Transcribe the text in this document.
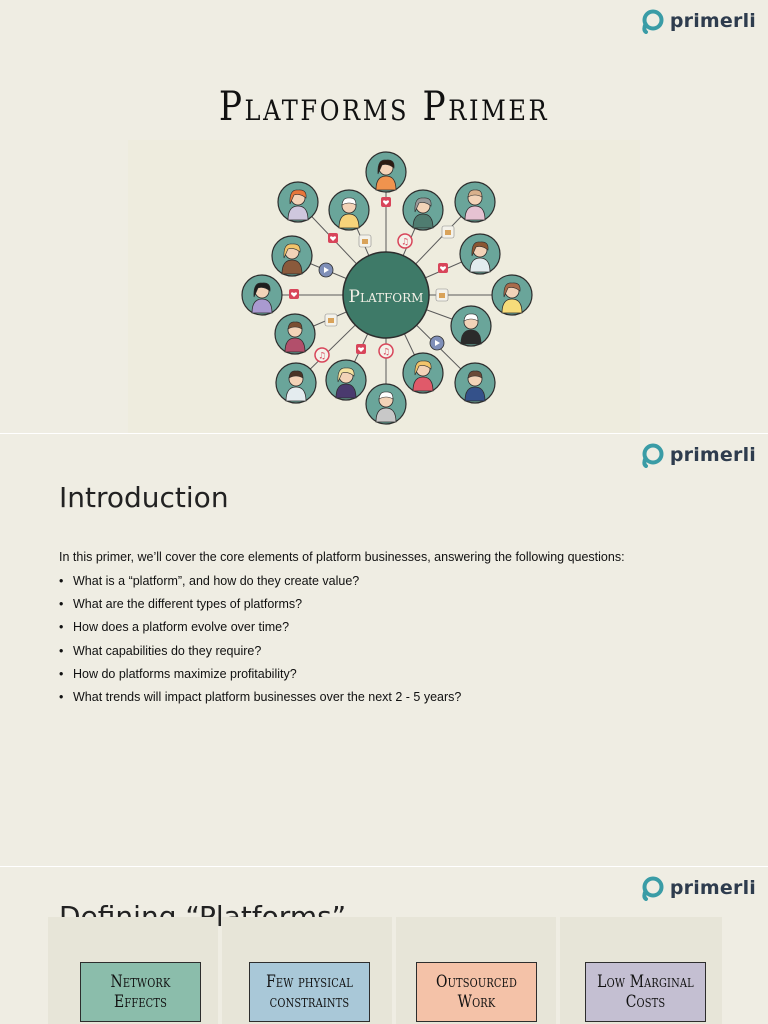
primerli
Platforms Primer
♫
♫
♫
Platform
primerli
Introduction
In this primer, we’ll cover the core elements of platform businesses, answering the following questions:
• What is a “platform”, and how do they create value?
• What are the different types of platforms?
• How does a platform evolve over time?
• What capabilities do they require?
• How do platforms maximize profitability?
• What trends will impact platform businesses over the next 2 - 5 years?
primerli
Network Effects
Few physical constraints
Outsourced Work
Low Marginal Costs
